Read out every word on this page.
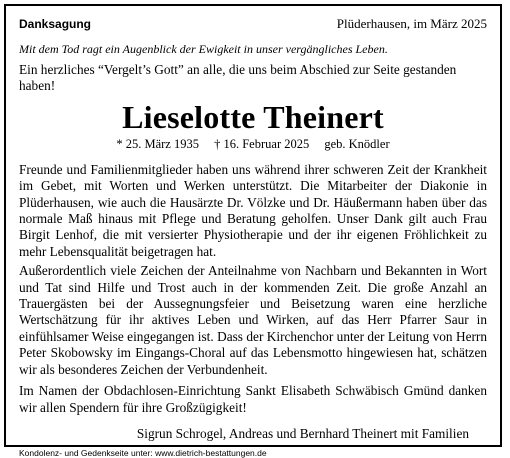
Danksagung	Plüderhausen, im März 2025
Mit dem Tod ragt ein Augenblick der Ewigkeit in unser vergängliches Leben.
Ein herzliches “Vergelt’s Gott” an alle, die uns beim Abschied zur Seite gestanden haben!
Lieselotte Theinert
* 25. März 1935 † 16. Februar 2025 geb. Knödler
Freunde und Familienmitglieder haben uns während ihrer schweren Zeit der Krankheit im Gebet, mit Worten und Werken unterstützt. Die Mitarbeiter der Diakonie in Plüderhausen, wie auch die Hausärzte Dr. Völzke und Dr. Häußermann haben über das normale Maß hinaus mit Pflege und Beratung geholfen. Unser Dank gilt auch Frau Birgit Lenhof, die mit versierter Physiotherapie und der ihr eigenen Fröhlichkeit zu mehr Lebensqualität beigetragen hat.
Außerordentlich viele Zeichen der Anteilnahme von Nachbarn und Bekannten in Wort und Tat sind Hilfe und Trost auch in der kommenden Zeit. Die große Anzahl an Trauergästen bei der Aussegnungsfeier und Beisetzung waren eine herzliche Wertschätzung für ihr aktives Leben und Wirken, auf das Herr Pfarrer Saur in einfühlsamer Weise eingegangen ist. Dass der Kirchenchor unter der Leitung von Herrn Peter Skobowsky im Eingangs-Choral auf das Lebensmotto hingewiesen hat, schätzen wir als besonderes Zeichen der Verbundenheit.
Im Namen der Obdachlosen-Einrichtung Sankt Elisabeth Schwäbisch Gmünd danken wir allen Spendern für ihre Großzügigkeit!
Sigrun Schrogel, Andreas und Bernhard Theinert mit Familien
Kondolenz- und Gedenkseite unter: www.dietrich-bestattungen.de
